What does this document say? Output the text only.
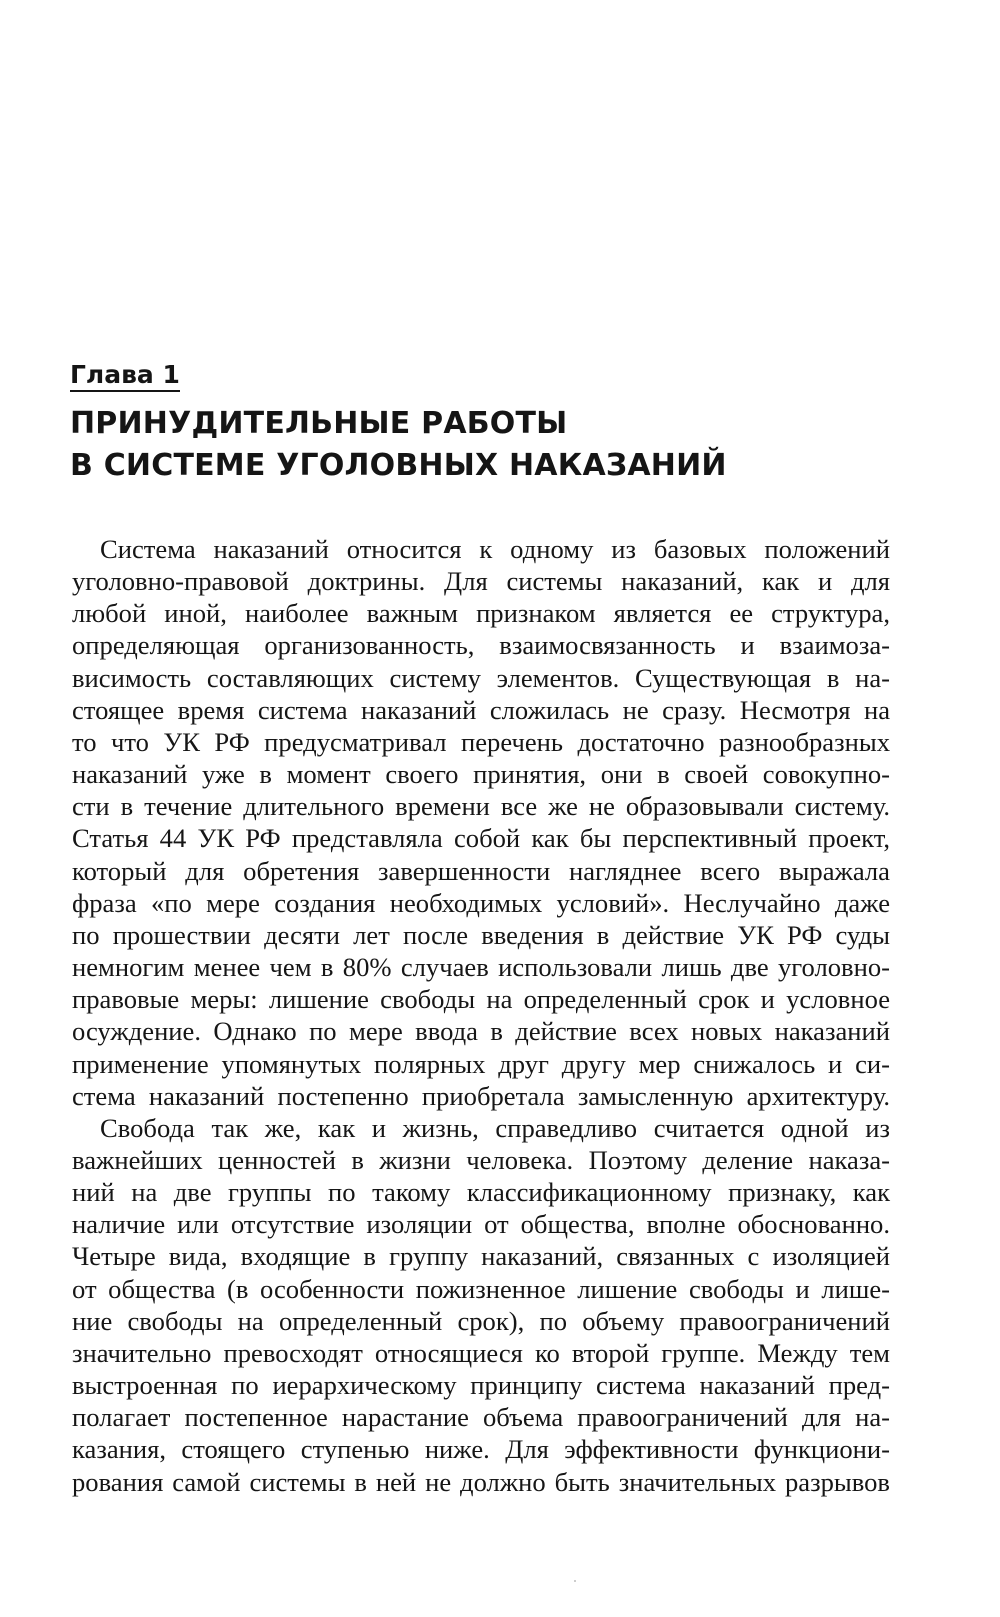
Глава 1
ПРИНУДИТЕЛЬНЫЕ РАБОТЫ
В СИСТЕМЕ УГОЛОВНЫХ НАКАЗАНИЙ
Система наказаний относится к одному из базовых положений
уголовно-правовой доктрины. Для системы наказаний, как и для
любой иной, наиболее важным признаком является ее структура,
определяющая организованность, взаимосвязанность и взаимоза-
висимость составляющих систему элементов. Существующая в на-
стоящее время система наказаний сложилась не сразу. Несмотря на
то что УК РФ предусматривал перечень достаточно разнообразных
наказаний уже в момент своего принятия, они в своей совокупно-
сти в течение длительного времени все же не образовывали систему.
Статья 44 УК РФ представляла собой как бы перспективный проект,
который для обретения завершенности нагляднее всего выражала
фраза «по мере создания необходимых условий». Неслучайно даже
по прошествии десяти лет после введения в действие УК РФ суды
немногим менее чем в 80% случаев использовали лишь две уголовно-
правовые меры: лишение свободы на определенный срок и условное
осуждение. Однако по мере ввода в действие всех новых наказаний
применение упомянутых полярных друг другу мер снижалось и си-
стема наказаний постепенно приобретала замысленную архитектуру.
Свобода так же, как и жизнь, справедливо считается одной из
важнейших ценностей в жизни человека. Поэтому деление наказа-
ний на две группы по такому классификационному признаку, как
наличие или отсутствие изоляции от общества, вполне обоснованно.
Четыре вида, входящие в группу наказаний, связанных с изоляцией
от общества (в особенности пожизненное лишение свободы и лише-
ние свободы на определенный срок), по объему правоограничений
значительно превосходят относящиеся ко второй группе. Между тем
выстроенная по иерархическому принципу система наказаний пред-
полагает постепенное нарастание объема правоограничений для на-
казания, стоящего ступенью ниже. Для эффективности функциони-
рования самой системы в ней не должно быть значительных разрывов
